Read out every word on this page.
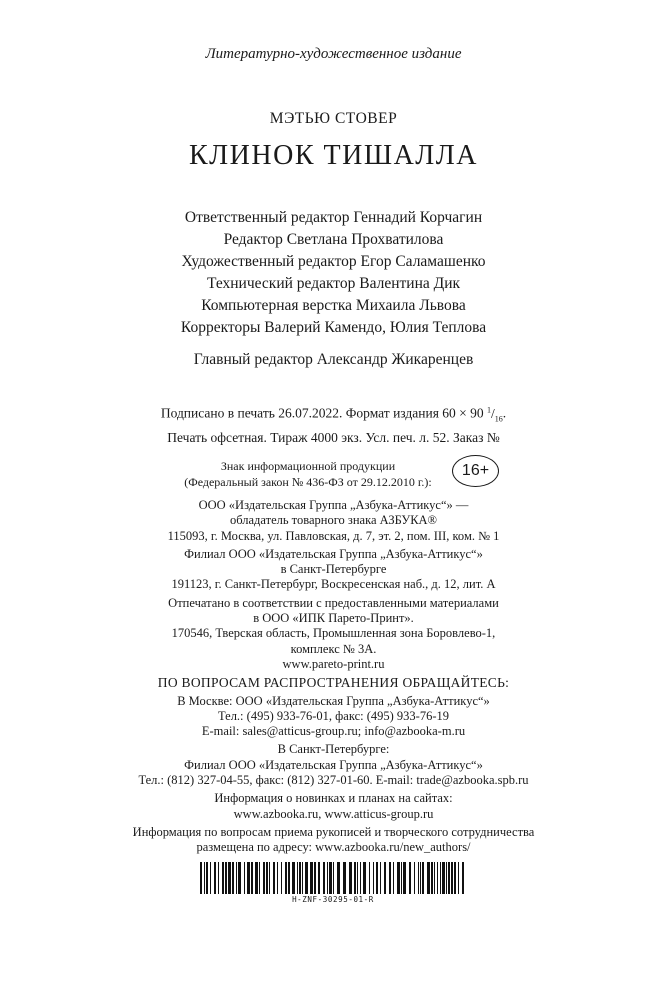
Литературно-художественное издание
МЭТЬЮ СТОВЕР
КЛИНОК ТИШАЛЛА
Ответственный редактор Геннадий Корчагин
Редактор Светлана Прохватилова
Художественный редактор Егор Саламашенко
Технический редактор Валентина Дик
Компьютерная верстка Михаила Львова
Корректоры Валерий Камендо, Юлия Теплова
Главный редактор Александр Жикаренцев
Подписано в печать 26.07.2022. Формат издания 60 × 90 $^1/_{16}$.
Печать офсетная. Тираж 4000 экз. Усл. печ. л. 52. Заказ №
Знак информационной продукции
(Федеральный закон № 436-ФЗ от 29.12.2010 г.):
16+
ООО «Издательская Группа „Азбука-Аттикус“» —
обладатель товарного знака АЗБУКА®
115093, г. Москва, ул. Павловская, д. 7, эт. 2, пом. III, ком. № 1
Филиал ООО «Издательская Группа „Азбука-Аттикус“»
в Санкт-Петербурге
191123, г. Санкт-Петербург, Воскресенская наб., д. 12, лит. А
Отпечатано в соответствии с предоставленными материалами
в ООО «ИПК Парето-Принт».
170546, Тверская область, Промышленная зона Боровлево-1,
комплекс № 3А.
www.pareto-print.ru
ПО ВОПРОСАМ РАСПРОСТРАНЕНИЯ ОБРАЩАЙТЕСЬ:
В Москве: ООО «Издательская Группа „Азбука-Аттикус“»
Тел.: (495) 933-76-01, факс: (495) 933-76-19
E-mail: sales@atticus-group.ru; info@azbooka-m.ru
В Санкт-Петербурге:
Филиал ООО «Издательская Группа „Азбука-Аттикус“»
Тел.: (812) 327-04-55, факс: (812) 327-01-60. E-mail: trade@azbooka.spb.ru
Информация о новинках и планах на сайтах:
www.azbooka.ru, www.atticus-group.ru
Информация по вопросам приема рукописей и творческого сотрудничества
размещена по адресу: www.azbooka.ru/new_authors/
H-ZNF-30295-01-R
